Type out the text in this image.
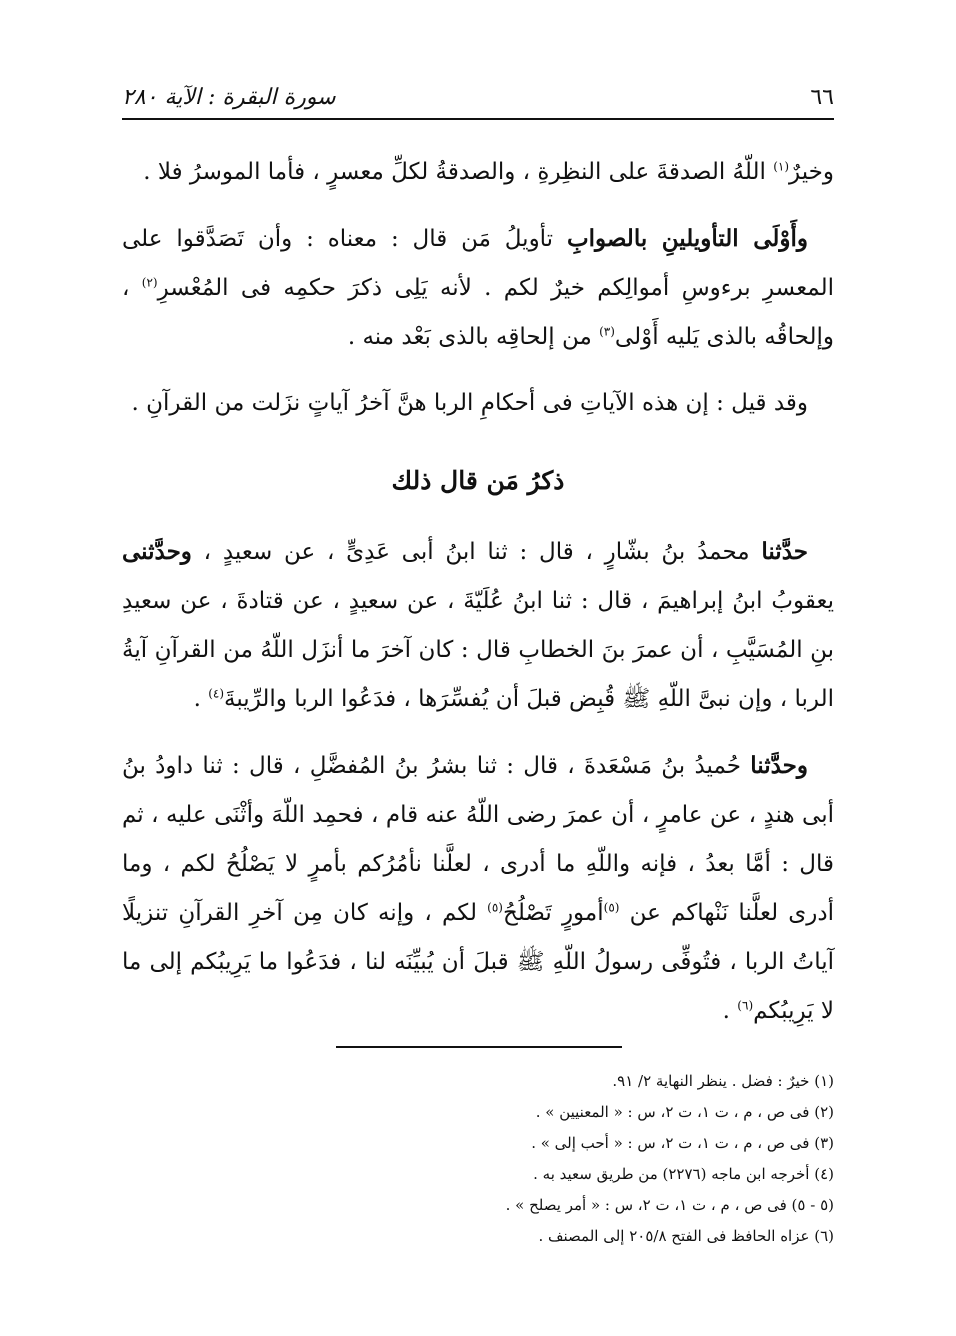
٦٦
سورة البقرة : الآية ٢٨٠

وخيرٌ$^{(١)}$ اللّهُ الصدقةَ على النظِرةِ ، والصدقةُ لكلِّ معسرٍ ، فأما الموسرُ فلا .

وأَوْلَى التأويلينِ بالصوابِ تأويلُ مَن قال : معناه : وأن تَصَدَّقوا على المعسرِ برءوسِ أموالِكم خيرٌ لكم . لأنه يَلِى ذكرَ حكمِه فى المُعْسرِ$^{(٢)}$ ، وإلحاقُه بالذى يَليه أَوْلى$^{(٣)}$ من إلحاقِه بالذى بَعْد منه .

وقد قيل : إن هذه الآياتِ فى أحكامِ الربا هنَّ آخرُ آياتٍ نزَلت من القرآنِ .

ذكرُ مَن قال ذلك

حدَّثنا محمدُ بنُ بشّارٍ ، قال : ثنا ابنُ أبى عَدِىٍّ ، عن سعيدٍ ، وحدَّثنى يعقوبُ ابنُ إبراهيمَ ، قال : ثنا ابنُ عُلَيّةَ ، عن سعيدٍ ، عن قتادةَ ، عن سعيدِ بنِ المُسَيَّبِ ، أن عمرَ بنَ الخطابِ قال : كان آخرَ ما أنزَل اللّهُ من القرآنِ آيةُ الربا ، وإن نبىَّ اللّهِ ﷺ قُبِض قبلَ أن يُفسِّرَها ، فدَعُوا الربا والرِّيبةَ$^{(٤)}$ .

وحدَّثنا حُميدُ بنُ مَسْعَدةَ ، قال : ثنا بشرُ بنُ المُفضَّلِ ، قال : ثنا داودُ بنُ أبى هندٍ ، عن عامرٍ ، أن عمرَ رضى اللّهُ عنه قام ، فحمِد اللّهَ وأثْنَى عليه ، ثم قال : أمَّا بعدُ ، فإنه واللّهِ ما أدرى ، لعلَّنا نأمُرُكم بأمرٍ لا يَصْلُحُ لكم ، وما أدرى لعلَّنا نَنْهاكم عن $^{(٥)}$أمورٍ تَصْلُحُ$^{(٥)}$ لكم ، وإنه كان مِن آخرِ القرآنِ تنزيلًا آياتُ الربا ، فتُوفِّى رسولُ اللّهِ ﷺ قبلَ أن يُبيِّنَه لنا ، فدَعُوا ما يَرِيبُكم إلى ما لا يَرِيبُكم$^{(٦)}$ .

(١) خيرٌ : فضل . ينظر النهاية ٢/ ٩١.
(٢) فى ص ، م ، ت ١، ت ٢، س : « المعنيين » .
(٣) فى ص ، م ، ت ١، ت ٢، س : « أحب إلى » .
(٤) أخرجه ابن ماجه (٢٢٧٦) من طريق سعيد به .
(٥ - ٥) فى ص ، م ، ت ١، ت ٢، س : « أمر يصلح » .
(٦) عزاه الحافظ فى الفتح ٢٠٥/٨ إلى المصنف .
